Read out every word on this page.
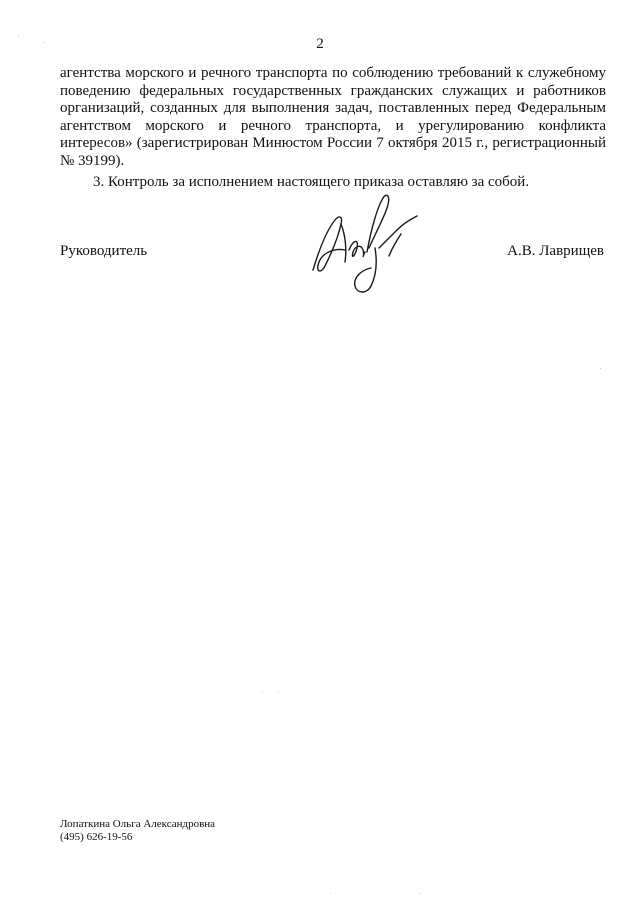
2

агентства морского и речного транспорта по соблюдению требований к служебному поведению федеральных государственных гражданских служащих и работников организаций, созданных для выполнения задач, поставленных перед Федеральным агентством морского и речного транспорта, и урегулированию конфликта интересов» (зарегистрирован Минюстом России 7 октября 2015 г., регистрационный № 39199).

3. Контроль за исполнением настоящего приказа оставляю за собой.
Руководитель	А.В. Лаврищев
Лопаткина Ольга Александровна
(495) 626-19-56
